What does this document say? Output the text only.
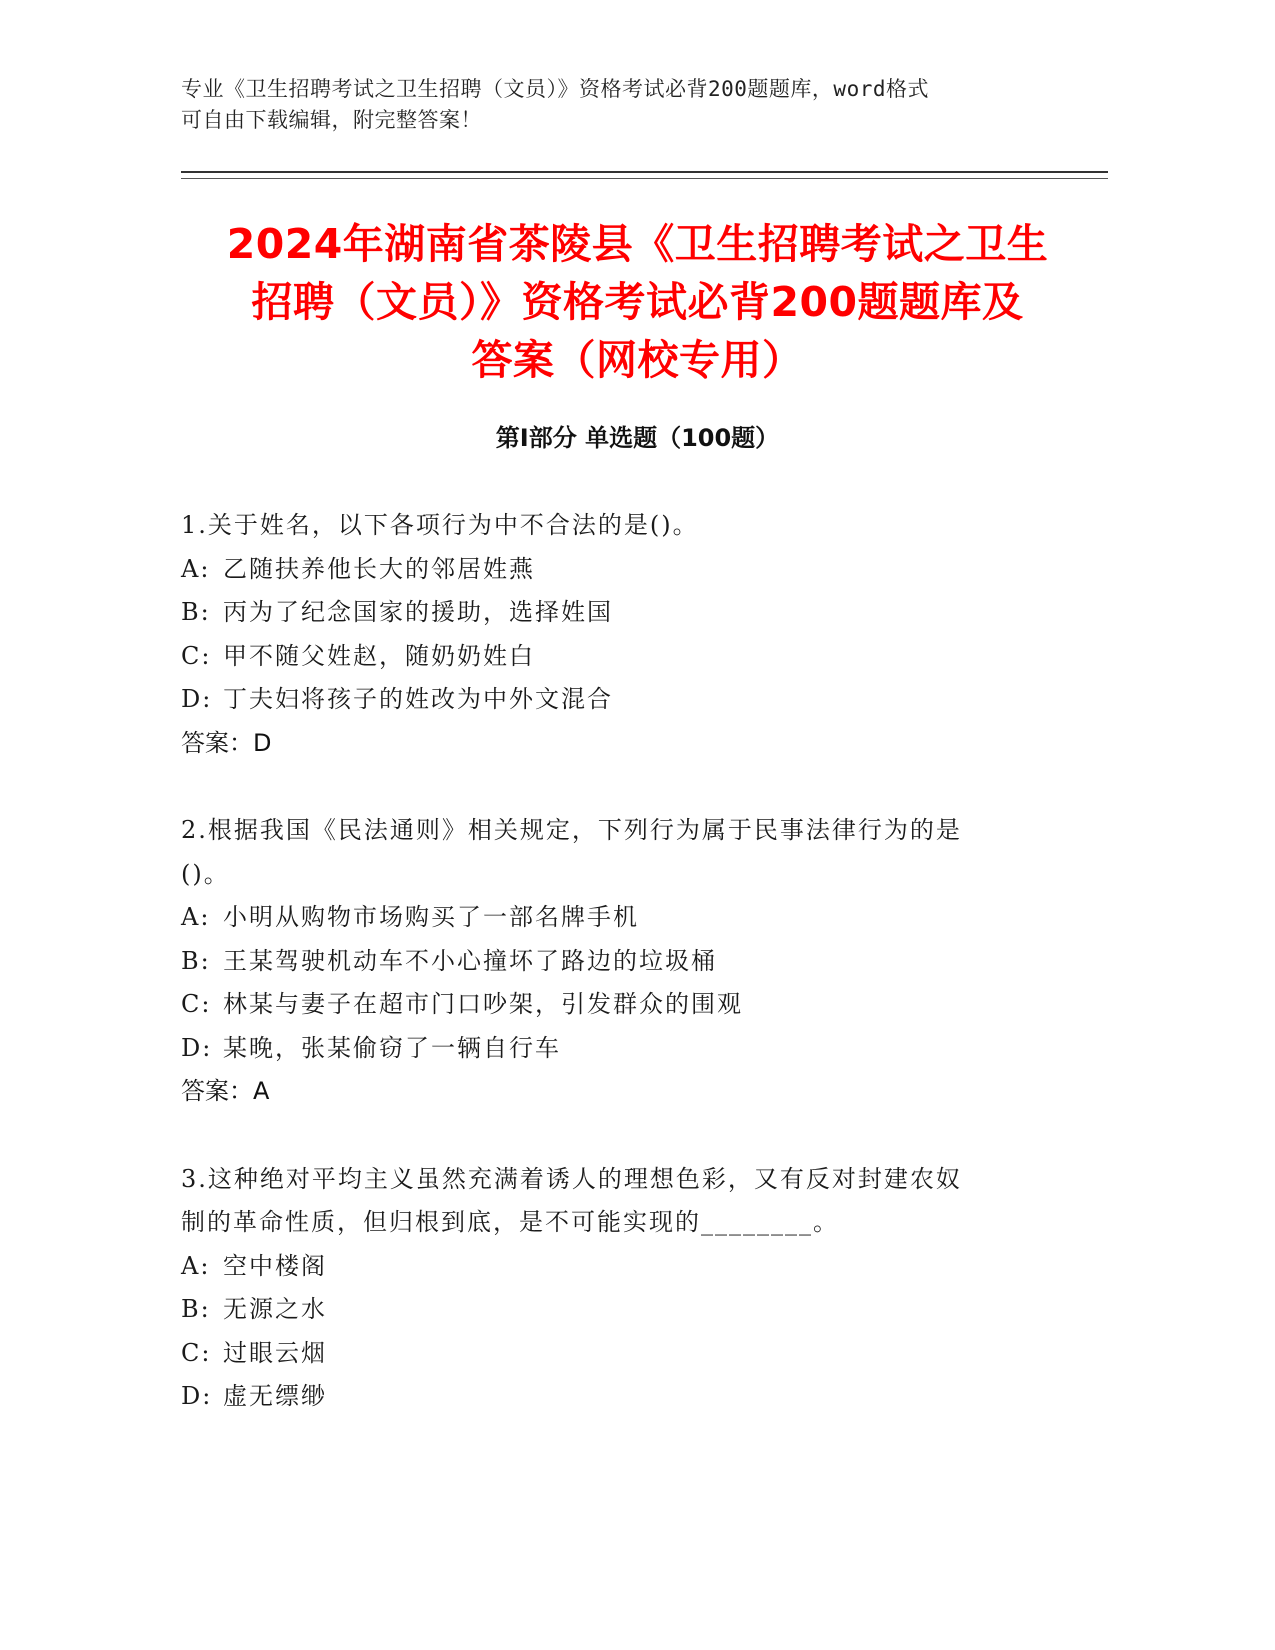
专业《卫生招聘考试之卫生招聘（文员）》资格考试必背200题题库，word格式
可自由下载编辑，附完整答案！
2024年湖南省茶陵县《卫生招聘考试之卫生
招聘（文员）》资格考试必背200题题库及
答案（网校专用）
第I部分 单选题（100题）
1.关于姓名，以下各项行为中不合法的是()。
A: 乙随扶养他长大的邻居姓燕
B: 丙为了纪念国家的援助，选择姓国
C: 甲不随父姓赵，随奶奶姓白
D: 丁夫妇将孩子的姓改为中外文混合
答案：D
2.根据我国《民法通则》相关规定，下列行为属于民事法律行为的是
()。
A: 小明从购物市场购买了一部名牌手机
B: 王某驾驶机动车不小心撞坏了路边的垃圾桶
C: 林某与妻子在超市门口吵架，引发群众的围观
D: 某晚，张某偷窃了一辆自行车
答案：A
3.这种绝对平均主义虽然充满着诱人的理想色彩，又有反对封建农奴
制的革命性质，但归根到底，是不可能实现的________。
A: 空中楼阁
B: 无源之水
C: 过眼云烟
D: 虚无缥缈
